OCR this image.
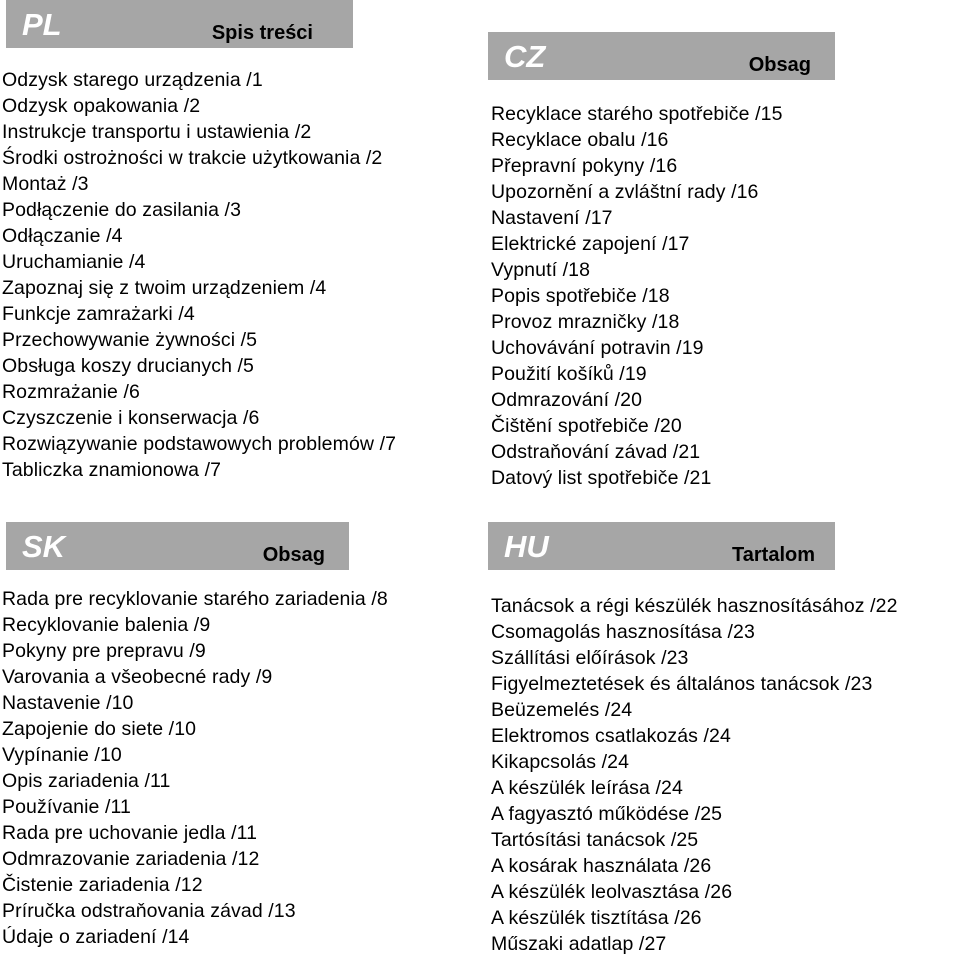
PL	Spis treści
Odzysk starego urządzenia /1
Odzysk opakowania /2
Instrukcje transportu i ustawienia /2
Środki ostrożności w trakcie użytkowania /2
Montaż /3
Podłączenie do zasilania /3
Odłączanie /4
Uruchamianie /4
Zapoznaj się z twoim urządzeniem /4
Funkcje zamrażarki /4
Przechowywanie żywności /5
Obsługa koszy drucianych /5
Rozmrażanie /6
Czyszczenie i konserwacja /6
Rozwiązywanie podstawowych problemów /7
Tabliczka znamionowa /7
CZ	Obsag
Recyklace starého spotřebiče /15
Recyklace obalu /16
Přepravní pokyny /16
Upozornění a zvláštní rady /16
Nastavení /17
Elektrické zapojení /17
Vypnutí /18
Popis spotřebiče /18
Provoz mrazničky /18
Uchovávání potravin /19
Použití košíků /19
Odmrazování /20
Čištění spotřebiče /20
Odstraňování závad /21
Datový list spotřebiče /21
SK	Obsag
Rada pre recyklovanie starého zariadenia /8
Recyklovanie balenia /9
Pokyny pre prepravu /9
Varovania a všeobecné rady /9
Nastavenie /10
Zapojenie do siete /10
Vypínanie /10
Opis zariadenia /11
Používanie /11
Rada pre uchovanie jedla /11
Odmrazovanie zariadenia /12
Čistenie zariadenia /12
Príručka odstraňovania závad /13
Údaje o zariadení /14
HU	Tartalom
Tanácsok a régi készülék hasznosításához /22
Csomagolás hasznosítása /23
Szállítási előírások /23
Figyelmeztetések és általános tanácsok /23
Beüzemelés /24
Elektromos csatlakozás /24
Kikapcsolás /24
A készülék leírása /24
A fagyasztó működése /25
Tartósítási tanácsok /25
A kosárak használata /26
A készülék leolvasztása /26
A készülék tisztítása /26
Műszaki adatlap /27
